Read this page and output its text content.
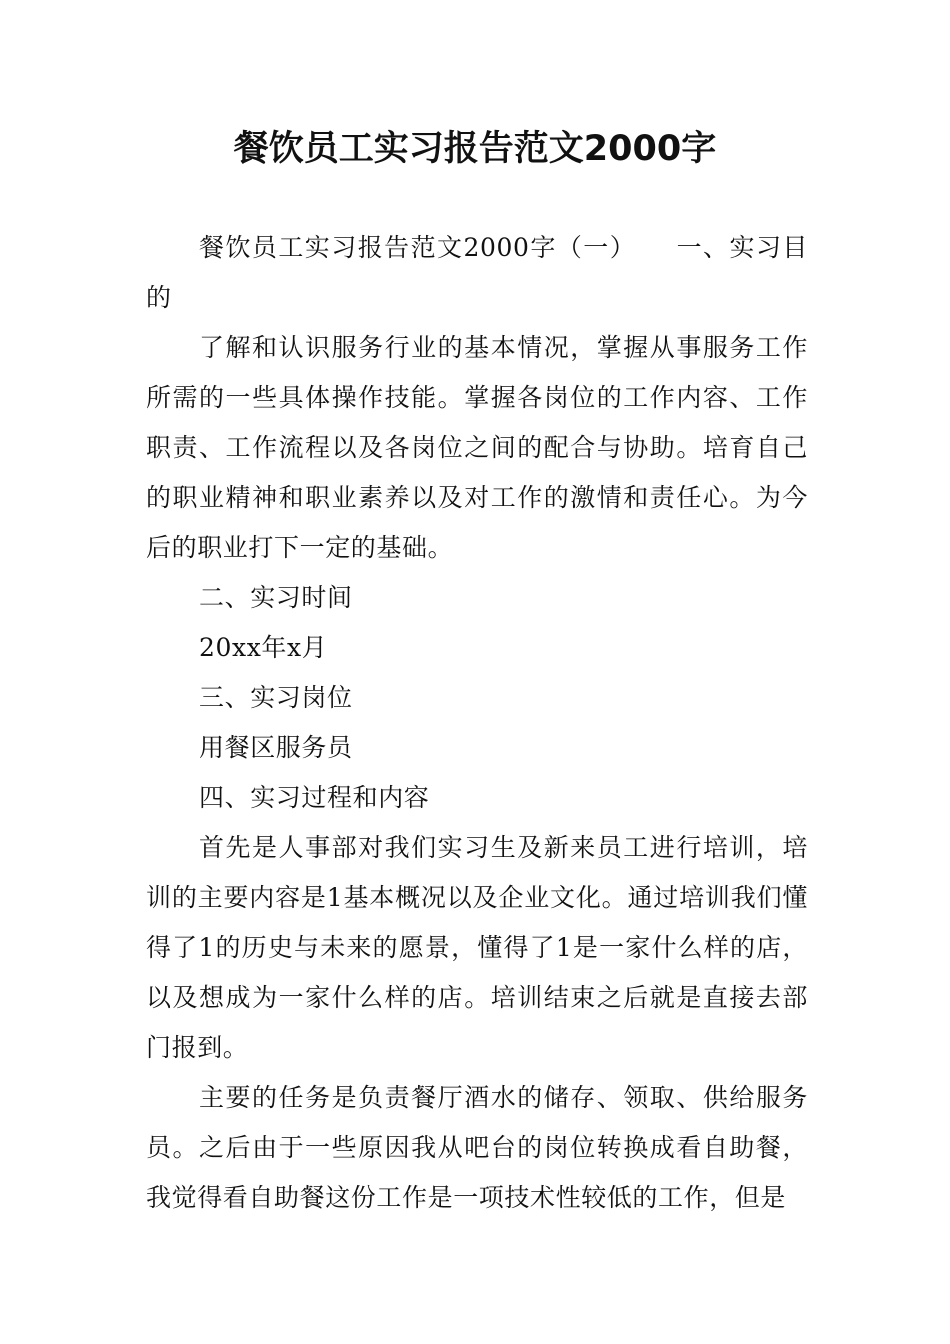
餐饮员工实习报告范文2000字

餐饮员工实习报告范文2000字（一）　　一、实习目的

了解和认识服务行业的基本情况，掌握从事服务工作所需的一些具体操作技能。掌握各岗位的工作内容、工作职责、工作流程以及各岗位之间的配合与协助。培育自己的职业精神和职业素养以及对工作的激情和责任心。为今后的职业打下一定的基础。

二、实习时间

20xx年x月

三、实习岗位

用餐区服务员

四、实习过程和内容

首先是人事部对我们实习生及新来员工进行培训，培训的主要内容是1基本概况以及企业文化。通过培训我们懂得了1的历史与未来的愿景，懂得了1是一家什么样的店，以及想成为一家什么样的店。培训结束之后就是直接去部门报到。

主要的任务是负责餐厅酒水的储存、领取、供给服务员。之后由于一些原因我从吧台的岗位转换成看自助餐，我觉得看自助餐这份工作是一项技术性较低的工作，但是
